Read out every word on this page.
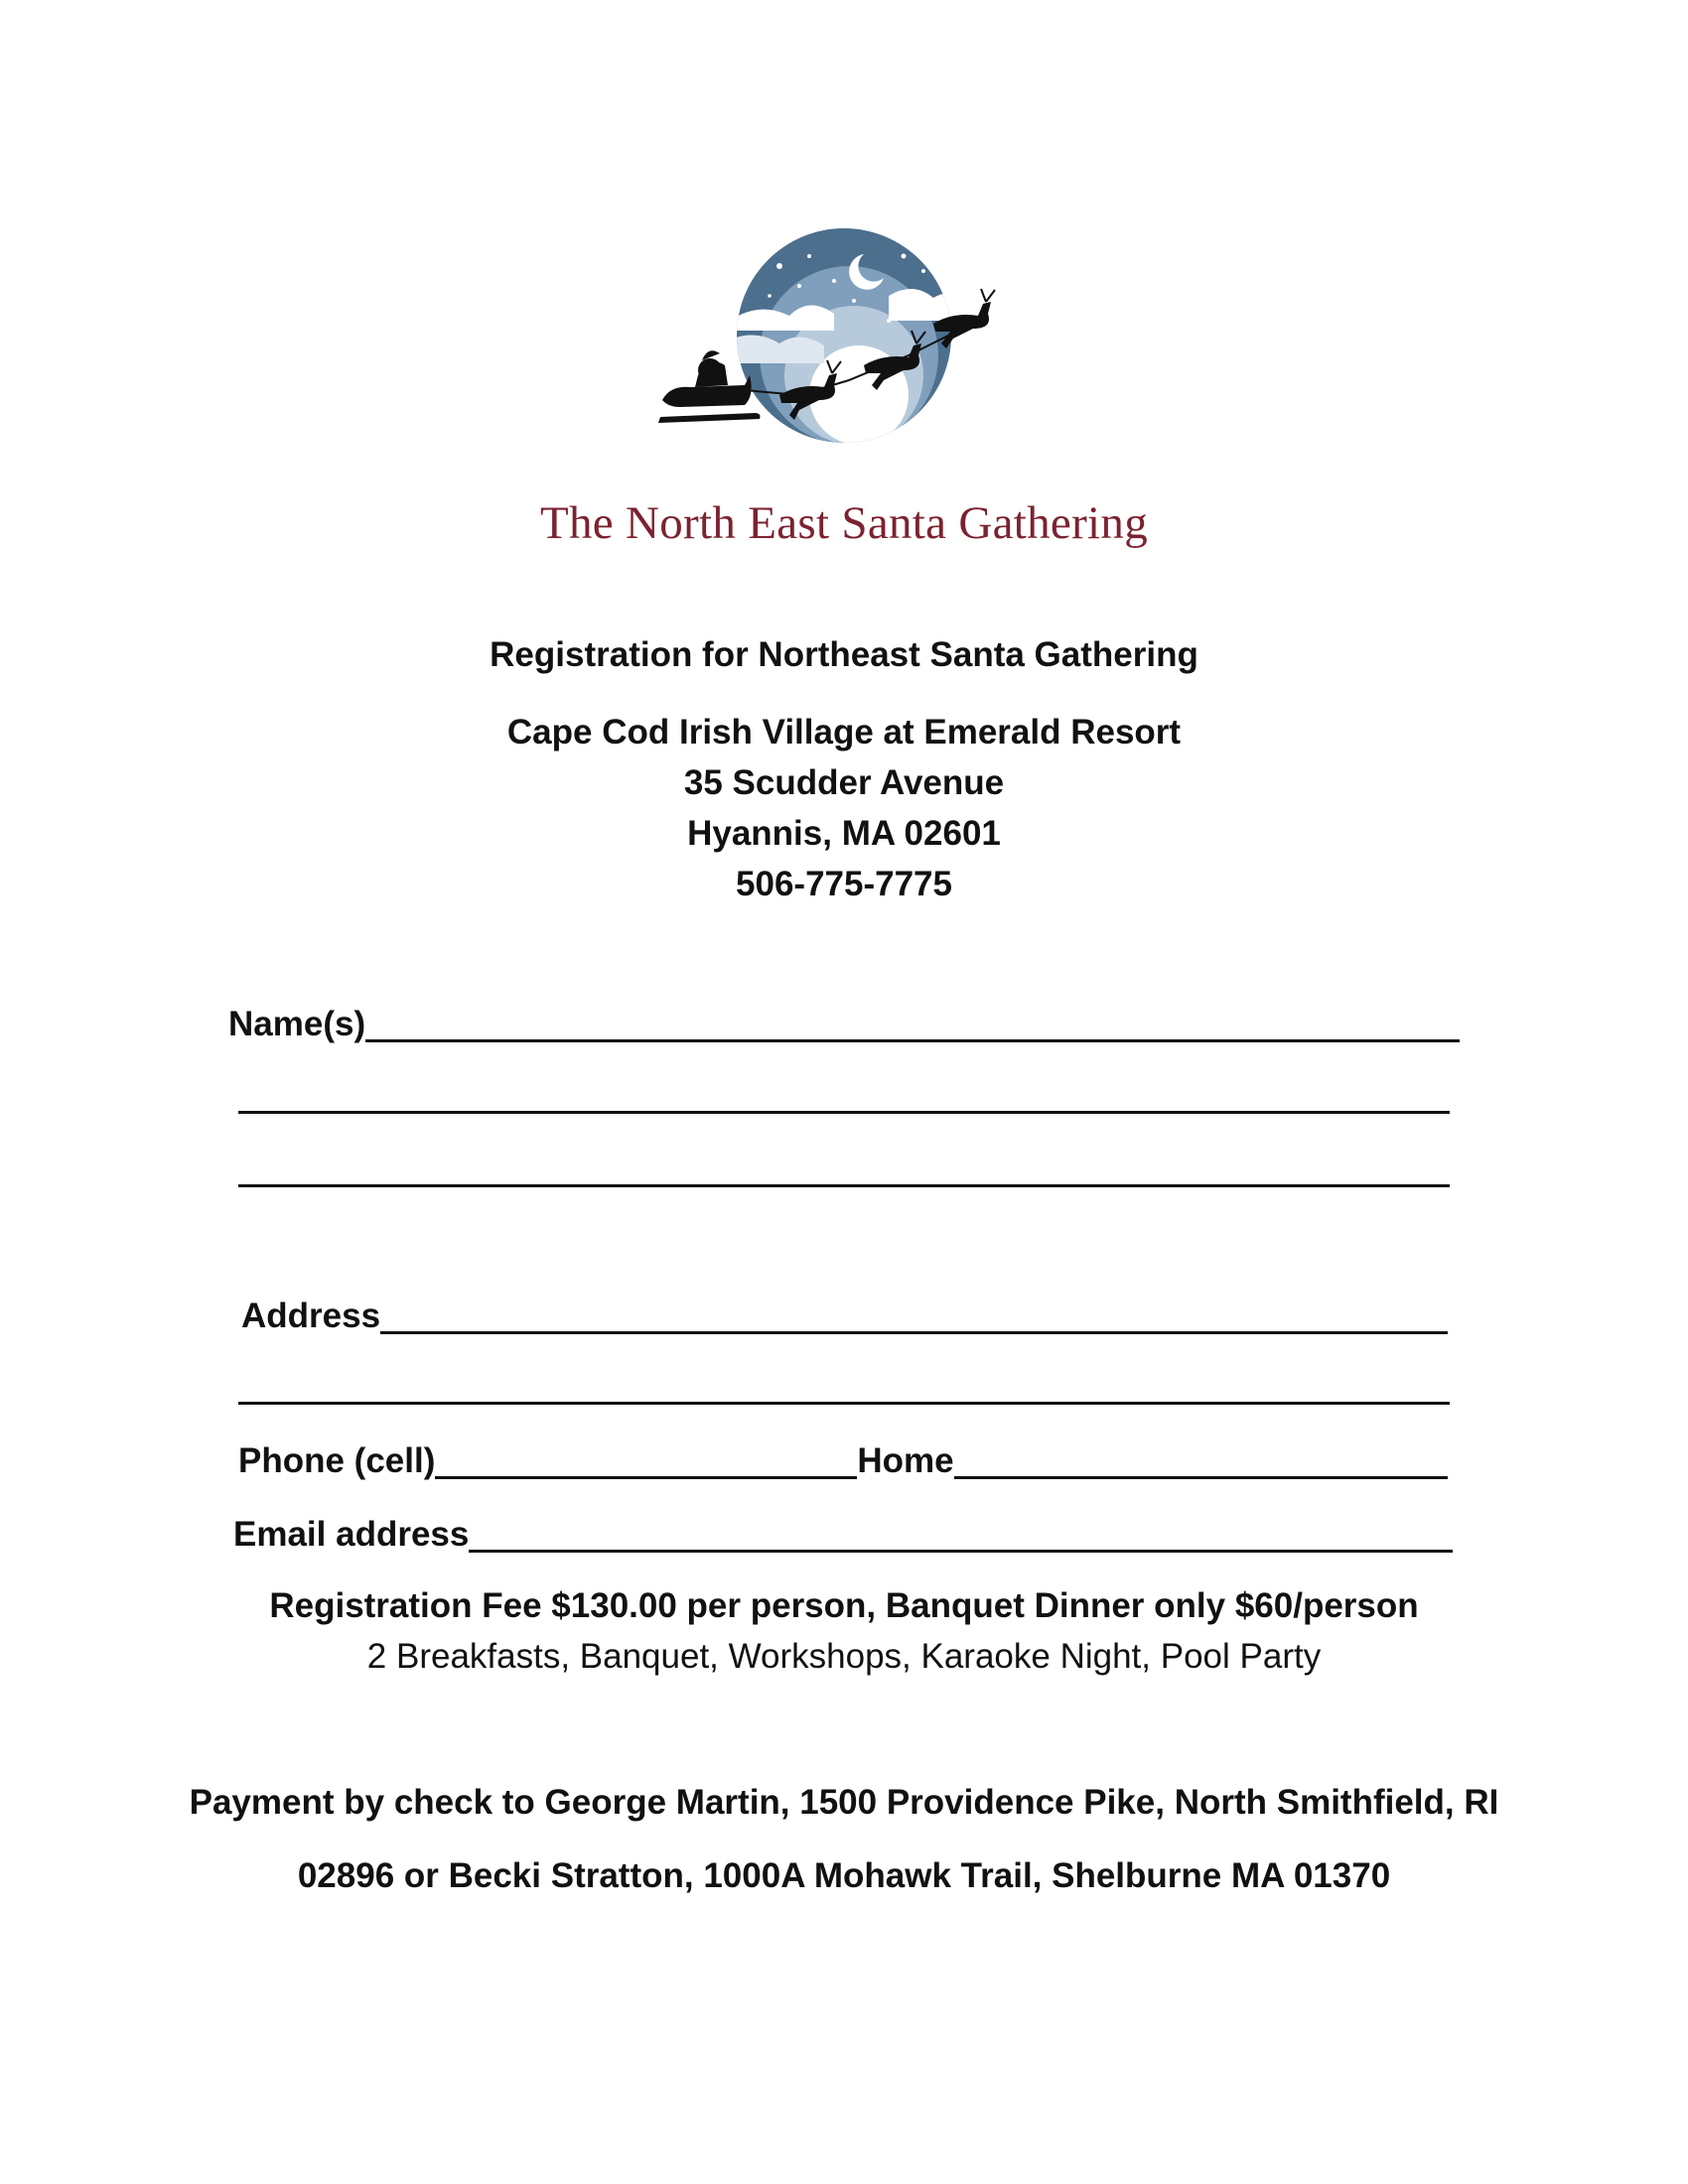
The North East Santa Gathering
Registration for Northeast Santa Gathering
Cape Cod Irish Village at Emerald Resort
35 Scudder Avenue
Hyannis, MA 02601
506-775-7775
Name(s)
Address
Phone (cell)	Home
Email address
Registration Fee $130.00 per person, Banquet Dinner only $60/person
2 Breakfasts, Banquet, Workshops, Karaoke Night, Pool Party
Payment by check to George Martin, 1500 Providence Pike, North Smithfield, RI
02896 or Becki Stratton, 1000A Mohawk Trail, Shelburne MA 01370
